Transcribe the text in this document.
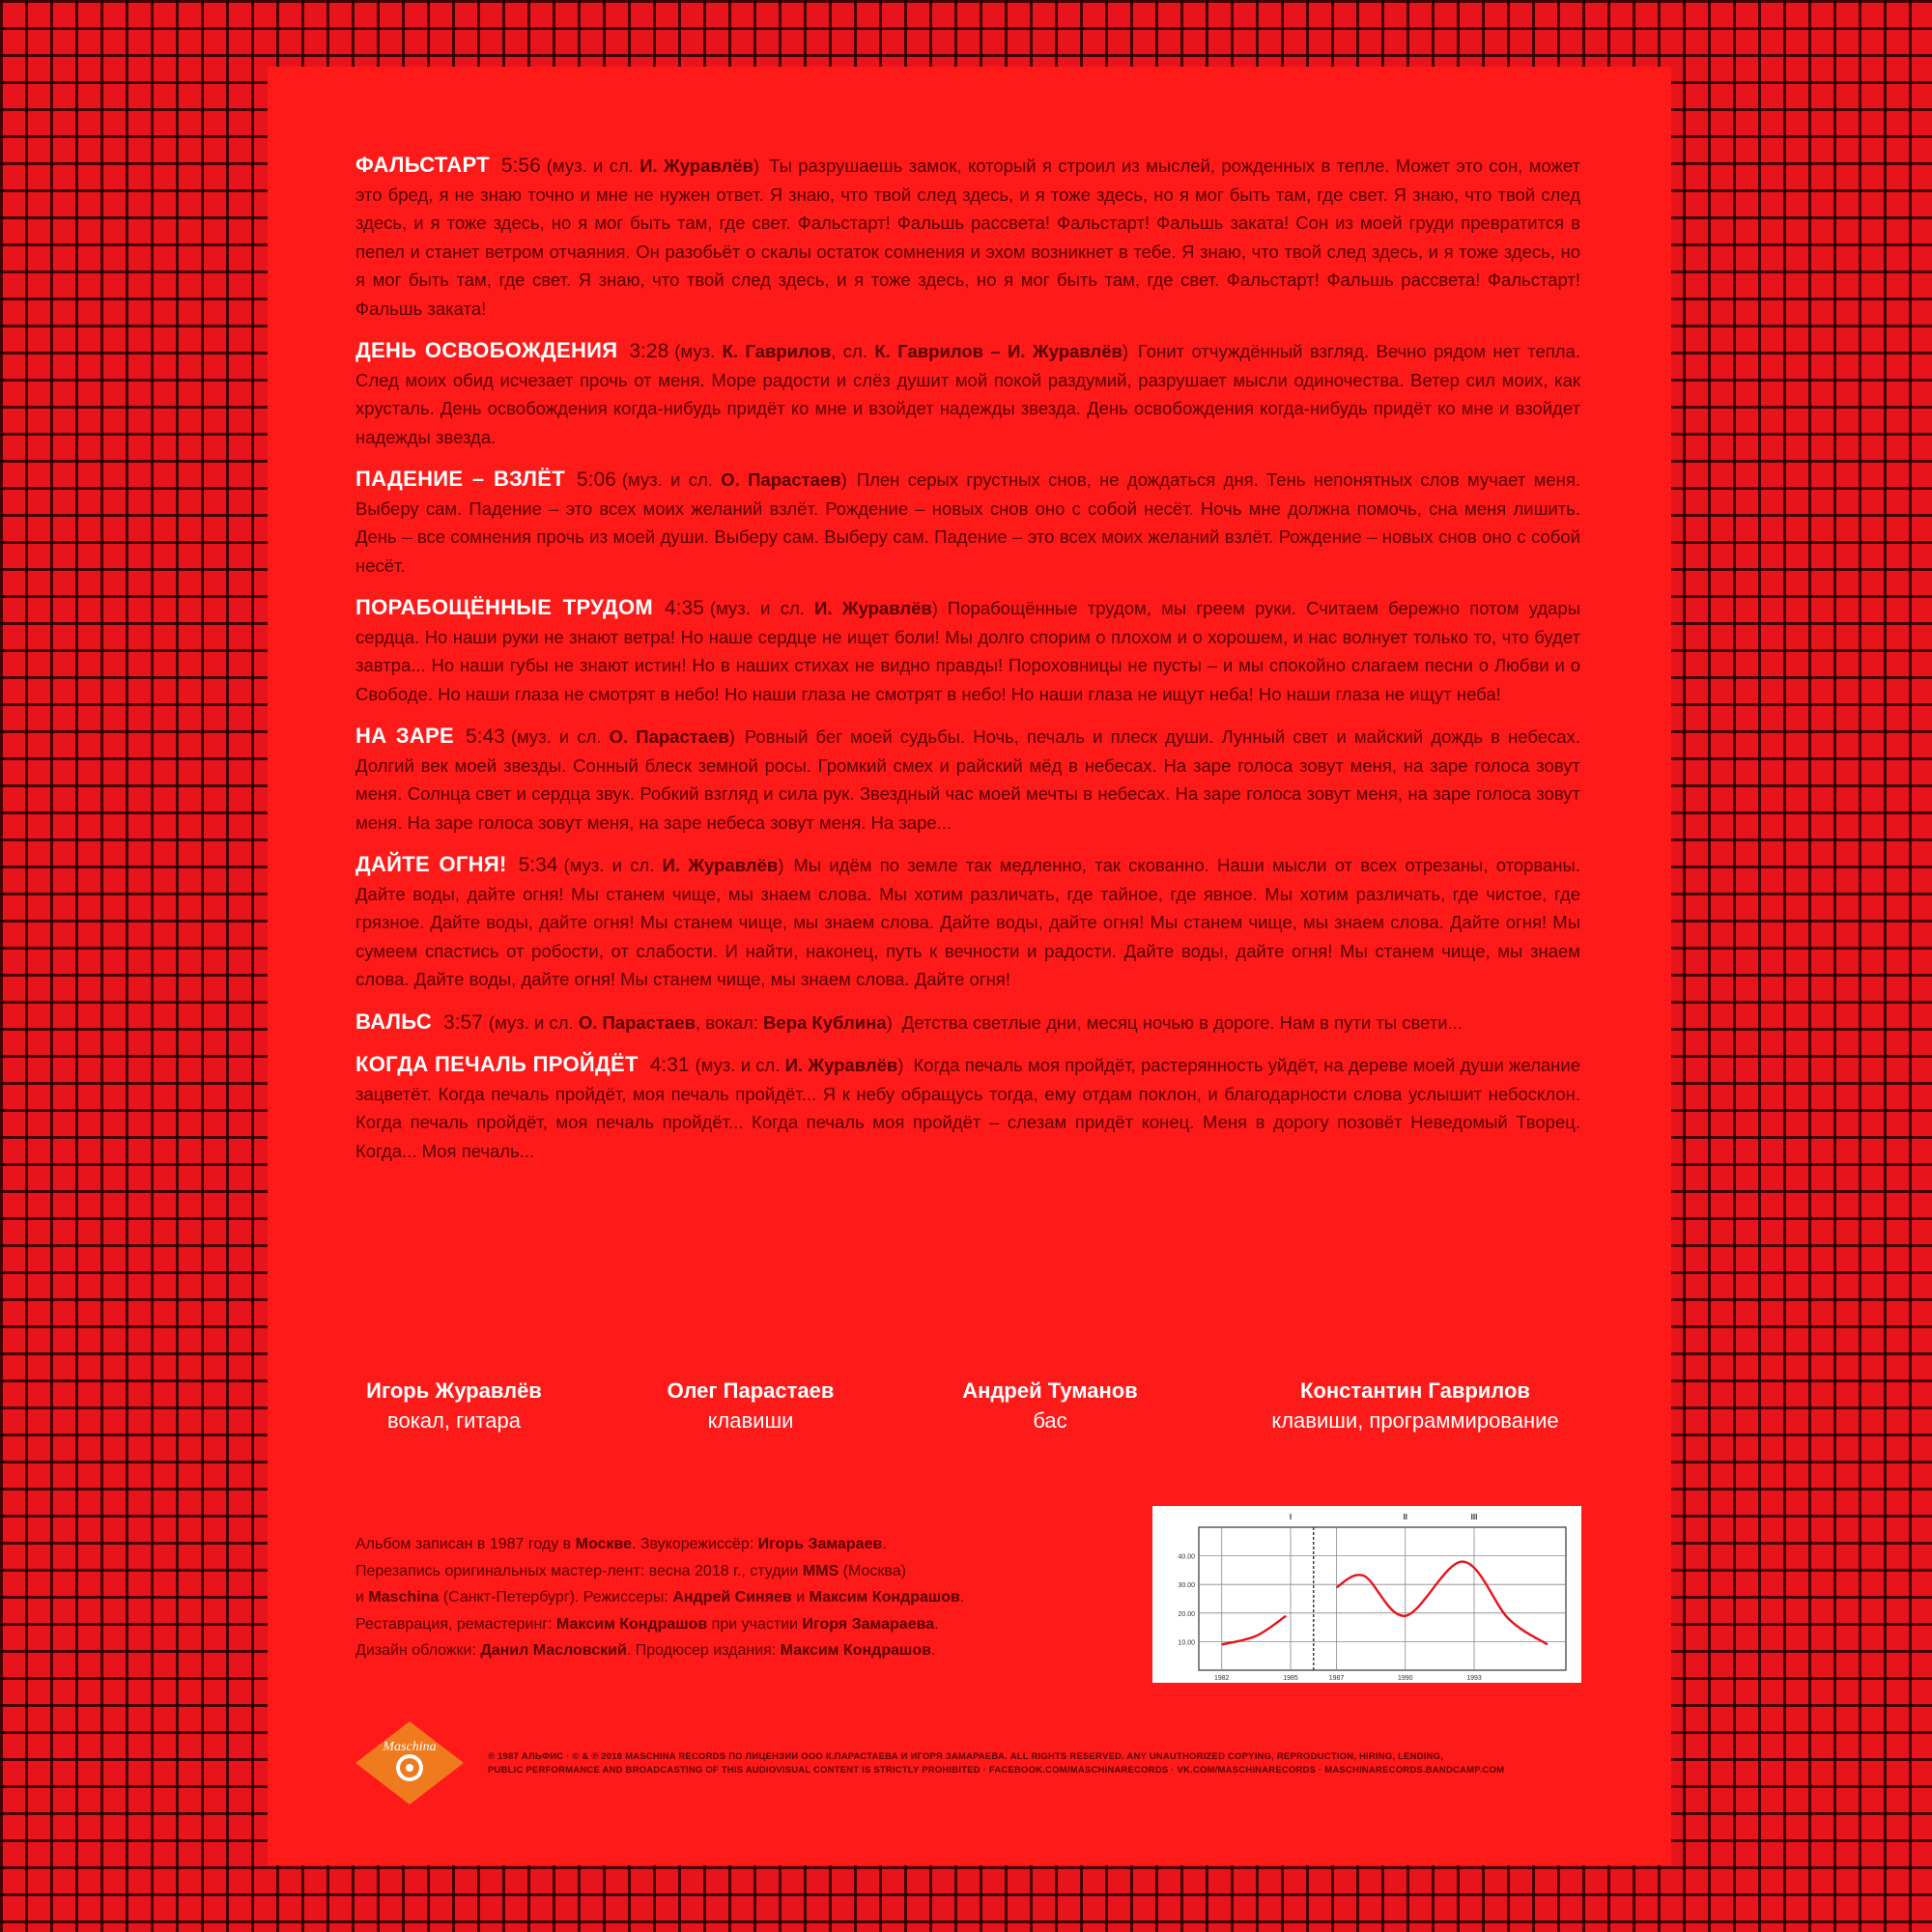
ФАЛЬСТАРТ 5:56 (муз. и сл. И. Журавлёв) Ты разрушаешь замок, который я строил из мыслей, рожденных в тепле. Может это сон, может это бред, я не знаю точно и мне не нужен ответ. Я знаю, что твой след здесь, и я тоже здесь, но я мог быть там, где свет. Я знаю, что твой след здесь, и я тоже здесь, но я мог быть там, где свет. Фальстарт! Фальшь рассвета! Фальстарт! Фальшь заката! Сон из моей груди превратится в пепел и станет ветром отчаяния. Он разобьёт о скалы остаток сомнения и эхом возникнет в тебе. Я знаю, что твой след здесь, и я тоже здесь, но я мог быть там, где свет. Я знаю, что твой след здесь, и я тоже здесь, но я мог быть там, где свет. Фальстарт! Фальшь рассвета! Фальстарт! Фальшь заката!

ДЕНЬ ОСВОБОЖДЕНИЯ 3:28 (муз. К. Гаврилов, сл. К. Гаврилов – И. Журавлёв) Гонит отчуждённый взгляд. Вечно рядом нет тепла. След моих обид исчезает прочь от меня. Море радости и слёз душит мой покой раздумий, разрушает мысли одиночества. Ветер сил моих, как хрусталь. День освобождения когда-нибудь придёт ко мне и взойдет надежды звезда. День освобождения когда-нибудь придёт ко мне и взойдет надежды звезда.

ПАДЕНИЕ – ВЗЛЁТ 5:06 (муз. и сл. О. Парастаев) Плен серых грустных снов, не дождаться дня. Тень непонятных слов мучает меня. Выберу сам. Падение – это всех моих желаний взлёт. Рождение – новых снов оно с собой несёт. Ночь мне должна помочь, сна меня лишить. День – все сомнения прочь из моей души. Выберу сам. Выберу сам. Падение – это всех моих желаний взлёт. Рождение – новых снов оно с собой несёт.

ПОРАБОЩЁННЫЕ ТРУДОМ 4:35 (муз. и сл. И. Журавлёв) Порабощённые трудом, мы греем руки. Считаем бережно потом удары сердца. Но наши руки не знают ветра! Но наше сердце не ищет боли! Мы долго спорим о плохом и о хорошем, и нас волнует только то, что будет завтра... Но наши губы не знают истин! Но в наших стихах не видно правды! Пороховницы не пусты – и мы спокойно слагаем песни о Любви и о Свободе. Но наши глаза не смотрят в небо! Но наши глаза не смотрят в небо! Но наши глаза не ищут неба! Но наши глаза не ищут неба!

НА ЗАРЕ 5:43 (муз. и сл. О. Парастаев) Ровный бег моей судьбы. Ночь, печаль и плеск души. Лунный свет и майский дождь в небесах. Долгий век моей звезды. Сонный блеск земной росы. Громкий смех и райский мёд в небесах. На заре голоса зовут меня, на заре голоса зовут меня. Солнца свет и сердца звук. Робкий взгляд и сила рук. Звездный час моей мечты в небесах. На заре голоса зовут меня, на заре голоса зовут меня. На заре голоса зовут меня, на заре небеса зовут меня. На заре...

ДАЙТЕ ОГНЯ! 5:34 (муз. и сл. И. Журавлёв) Мы идём по земле так медленно, так скованно. Наши мысли от всех отрезаны, оторваны. Дайте воды, дайте огня! Мы станем чище, мы знаем слова. Мы хотим различать, где тайное, где явное. Мы хотим различать, где чистое, где грязное. Дайте воды, дайте огня! Мы станем чище, мы знаем слова. Дайте воды, дайте огня! Мы станем чище, мы знаем слова. Дайте огня! Мы сумеем спастись от робости, от слабости. И найти, наконец, путь к вечности и радости. Дайте воды, дайте огня! Мы станем чище, мы знаем слова. Дайте воды, дайте огня! Мы станем чище, мы знаем слова. Дайте огня!

ВАЛЬС 3:57 (муз. и сл. О. Парастаев, вокал: Вера Кублина) Детства светлые дни, месяц ночью в дороге. Нам в пути ты свети...

КОГДА ПЕЧАЛЬ ПРОЙДЁТ 4:31 (муз. и сл. И. Журавлёв) Когда печаль моя пройдёт, растерянность уйдёт, на дереве моей души желание зацветёт. Когда печаль пройдёт, моя печаль пройдёт... Я к небу обращусь тогда, ему отдам поклон, и благодарности слова услышит небосклон. Когда печаль пройдёт, моя печаль пройдёт... Когда печаль моя пройдёт – слезам придёт конец. Меня в дорогу позовёт Неведомый Творец. Когда... Моя печаль...

Игорь Журавлёв
вокал, гитара
Олег Парастаев
клавиши
Андрей Туманов
бас
Константин Гаврилов
клавиши, программирование
Альбом записан в 1987 году в Москве. Звукорежиссёр: Игорь Замараев.
Перезапись оригинальных мастер-лент: весна 2018 г., студии MMS (Москва)
и Maschina (Санкт-Петербург). Режиссеры: Андрей Синяев и Максим Кондрашов.
Реставрация, ремастеринг: Максим Кондрашов при участии Игоря Замараева.
Дизайн обложки: Данил Масловский. Продюсер издания: Максим Кондрашов.
40.00
30.00
20.00
10.00
1982	1985	1987	1990	1993
I	II	III
Maschina
℗ 1987 АЛЬФИС · © & ℗ 2018 MASCHINA RECORDS ПО ЛИЦЕНЗИИ ООО К.ПАРАСТАЕВА И ИГОРЯ ЗАМАРАЕВА. ALL RIGHTS RESERVED. ANY UNAUTHORIZED COPYING, REPRODUCTION, HIRING, LENDING,
PUBLIC PERFORMANCE AND BROADCASTING OF THIS AUDIOVISUAL CONTENT IS STRICTLY PROHIBITED · FACEBOOK.COM/MASCHINARECORDS · VK.COM/MASCHINARECORDS · MASCHINARECORDS.BANDCAMP.COM
